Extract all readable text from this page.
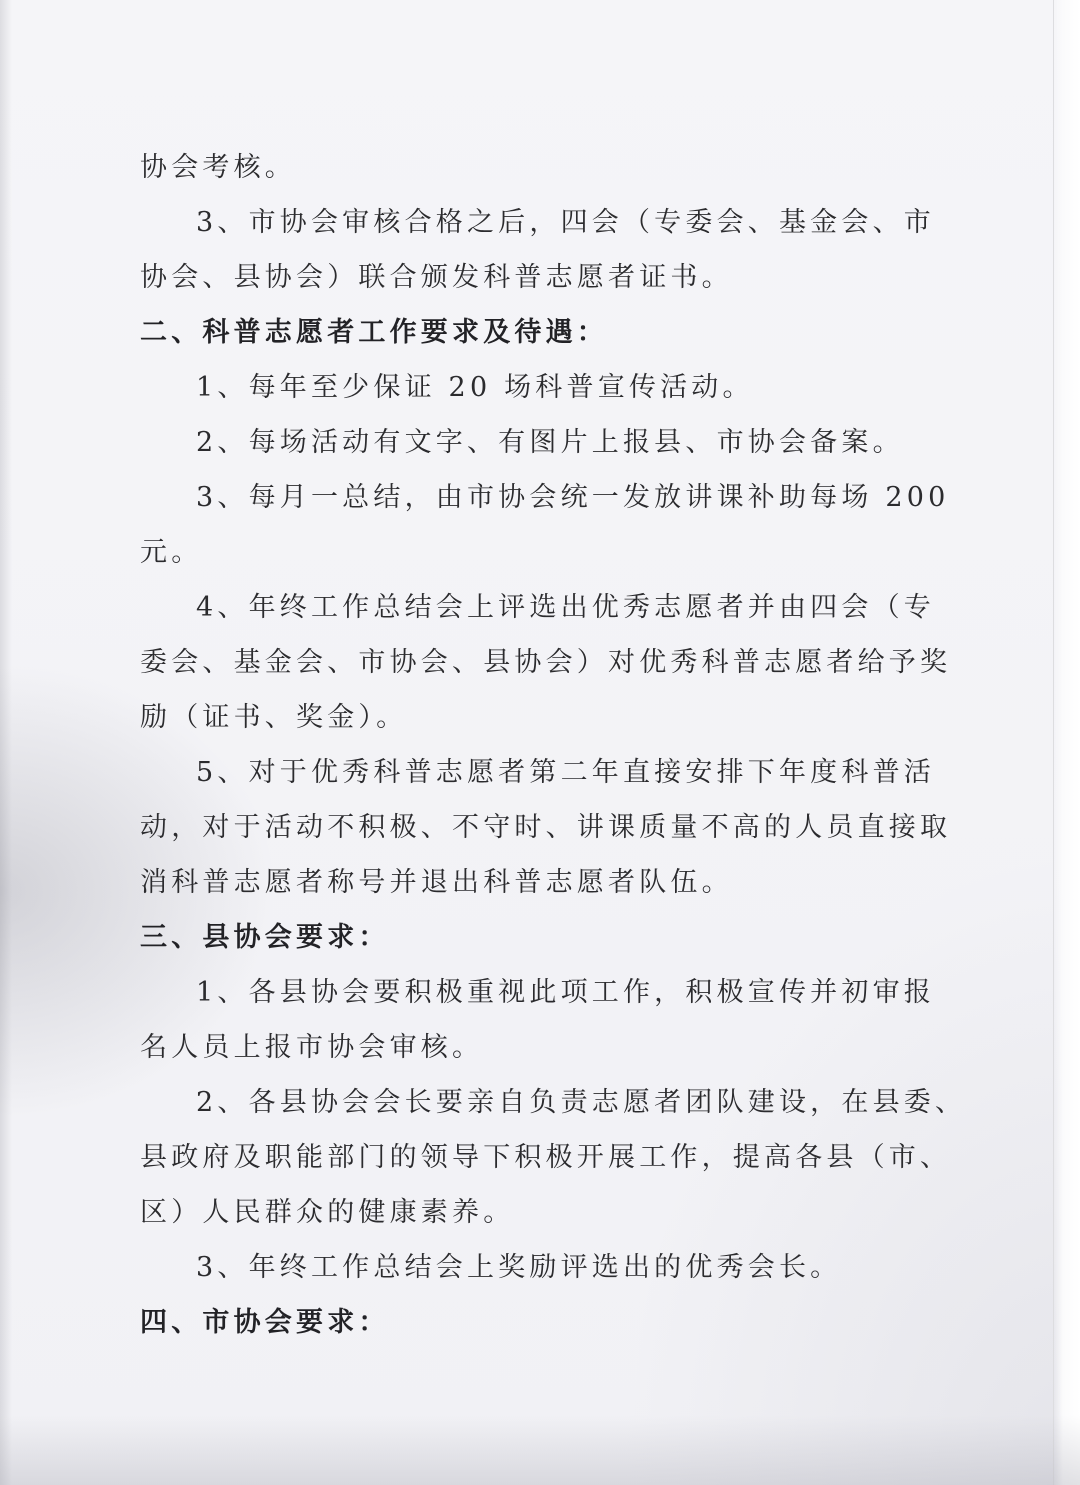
协会考核。

3、市协会审核合格之后，四会（专委会、基金会、市

协会、县协会）联合颁发科普志愿者证书。

二、科普志愿者工作要求及待遇：

1、每年至少保证 20 场科普宣传活动。

2、每场活动有文字、有图片上报县、市协会备案。

3、每月一总结，由市协会统一发放讲课补助每场 200

元。

4、年终工作总结会上评选出优秀志愿者并由四会（专

委会、基金会、市协会、县协会）对优秀科普志愿者给予奖

励（证书、奖金）。

5、对于优秀科普志愿者第二年直接安排下年度科普活

动，对于活动不积极、不守时、讲课质量不高的人员直接取

消科普志愿者称号并退出科普志愿者队伍。

三、县协会要求：

1、各县协会要积极重视此项工作，积极宣传并初审报

名人员上报市协会审核。

2、各县协会会长要亲自负责志愿者团队建设，在县委、

县政府及职能部门的领导下积极开展工作，提高各县（市、

区）人民群众的健康素养。

3、年终工作总结会上奖励评选出的优秀会长。

四、市协会要求：
